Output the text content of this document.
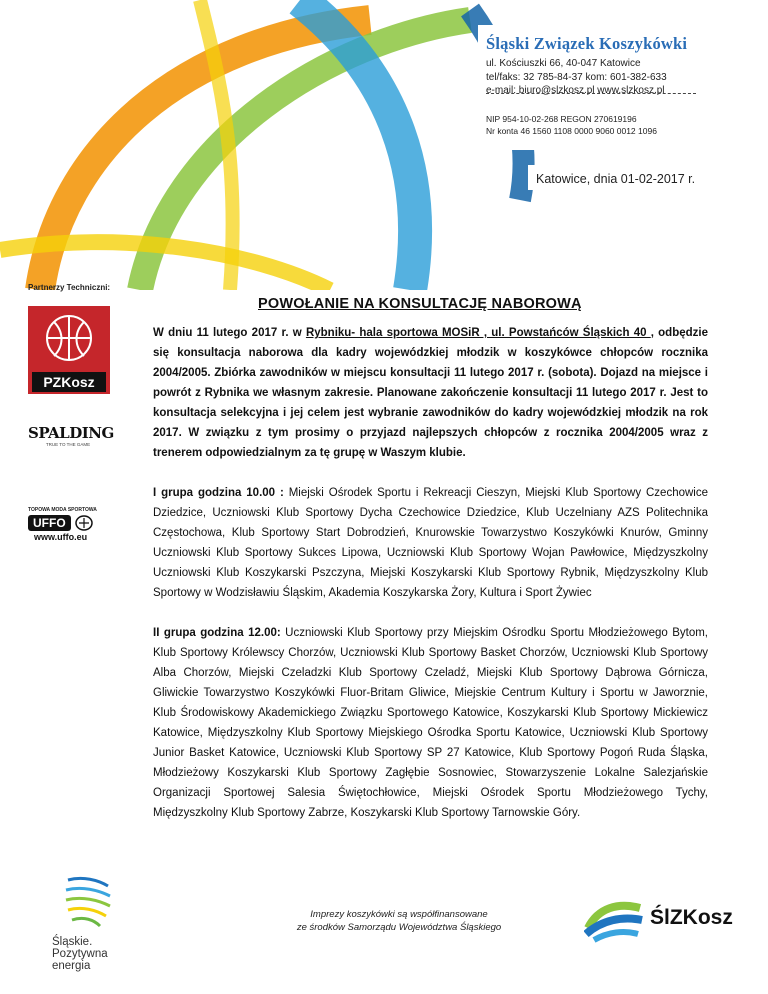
Śląski Związek Koszykówki
ul. Kościuszki 66, 40-047 Katowice
tel/faks: 32 785-84-37 kom: 601-382-633
e-mail: biuro@slzkosz.pl www.slzkosz.pl
NIP 954-10-02-268 REGON 270619196
Nr konta 46 1560 1108 0000 9060 0012 1096
Katowice, dnia 01-02-2017 r.
Partnerzy Techniczni:
PZKosz
SPALDING
TRUE TO THE GAME
TOPOWA MODA SPORTOWA
UFFO
www.uffo.eu
POWOŁANIE NA KONSULTACJĘ NABOROWĄ
W dniu 11 lutego 2017 r. w Rybniku- hala sportowa MOSiR , ul. Powstańców Śląskich 40 , odbędzie się konsultacja naborowa dla kadry wojewódzkiej młodzik w koszykówce chłopców rocznika 2004/2005. Zbiórka zawodników w miejscu konsultacji 11 lutego 2017 r. (sobota). Dojazd na miejsce i powrót z Rybnika we własnym zakresie. Planowane zakończenie konsultacji 11 lutego 2017 r. Jest to konsultacja selekcyjna i jej celem jest wybranie zawodników do kadry wojewódzkiej młodzik na rok 2017. W związku z tym prosimy o przyjazd najlepszych chłopców z rocznika 2004/2005 wraz z trenerem odpowiedzialnym za tę grupę w Waszym klubie.
I grupa godzina 10.00 : Miejski Ośrodek Sportu i Rekreacji Cieszyn, Miejski Klub Sportowy Czechowice Dziedzice, Uczniowski Klub Sportowy Dycha Czechowice Dziedzice, Klub Uczelniany AZS Politechnika Częstochowa, Klub Sportowy Start Dobrodzień, Knurowskie Towarzystwo Koszykówki Knurów, Gminny Uczniowski Klub Sportowy Sukces Lipowa, Uczniowski Klub Sportowy Wojan Pawłowice, Międzyszkolny Uczniowski Klub Koszykarski Pszczyna, Miejski Koszykarski Klub Sportowy Rybnik, Międzyszkolny Klub Sportowy w Wodzisławiu Śląskim, Akademia Koszykarska Żory, Kultura i Sport Żywiec
II grupa godzina 12.00: Uczniowski Klub Sportowy przy Miejskim Ośrodku Sportu Młodzieżowego Bytom, Klub Sportowy Królewscy Chorzów, Uczniowski Klub Sportowy Basket Chorzów, Uczniowski Klub Sportowy Alba Chorzów, Miejski Czeladzki Klub Sportowy Czeladź, Miejski Klub Sportowy Dąbrowa Górnicza, Gliwickie Towarzystwo Koszykówki Fluor-Britam Gliwice, Miejskie Centrum Kultury i Sportu w Jaworznie, Klub Środowiskowy Akademickiego Związku Sportowego Katowice, Koszykarski Klub Sportowy Mickiewicz Katowice, Międzyszkolny Klub Sportowy Miejskiego Ośrodka Sportu Katowice, Uczniowski Klub Sportowy Junior Basket Katowice, Uczniowski Klub Sportowy SP 27 Katowice, Klub Sportowy Pogoń Ruda Śląska, Młodzieżowy Koszykarski Klub Sportowy Zagłębie Sosnowiec, Stowarzyszenie Lokalne Salezjańskie Organizacji Sportowej Salesia Świętochłowice, Miejski Ośrodek Sportu Młodzieżowego Tychy, Międzyszkolny Klub Sportowy Zabrze, Koszykarski Klub Sportowy Tarnowskie Góry.
Śląskie.
Pozytywna energia
Imprezy koszykówki są współfinansowane
ze środków Samorządu Województwa Śląskiego	ŚlZKosz
